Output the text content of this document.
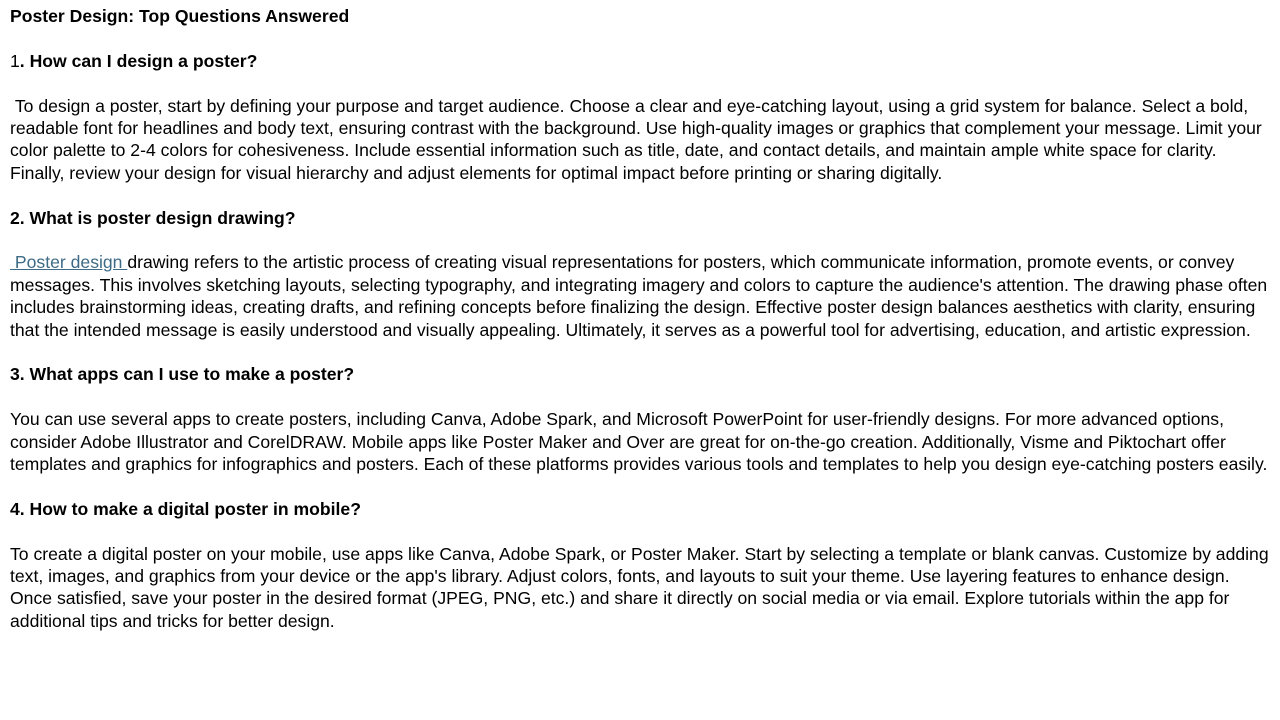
Poster Design: Top Questions Answered
1. How can I design a poster?
To design a poster, start by defining your purpose and target audience. Choose a clear and eye-catching layout, using a grid system for balance. Select a bold, readable font for headlines and body text, ensuring contrast with the background. Use high-quality images or graphics that complement your message. Limit your color palette to 2-4 colors for cohesiveness. Include essential information such as title, date, and contact details, and maintain ample white space for clarity. Finally, review your design for visual hierarchy and adjust elements for optimal impact before printing or sharing digitally.
2. What is poster design drawing?
Poster design drawing refers to the artistic process of creating visual representations for posters, which communicate information, promote events, or convey messages. This involves sketching layouts, selecting typography, and integrating imagery and colors to capture the audience's attention. The drawing phase often includes brainstorming ideas, creating drafts, and refining concepts before finalizing the design. Effective poster design balances aesthetics with clarity, ensuring that the intended message is easily understood and visually appealing. Ultimately, it serves as a powerful tool for advertising, education, and artistic expression.
3. What apps can I use to make a poster?
You can use several apps to create posters, including Canva, Adobe Spark, and Microsoft PowerPoint for user-friendly designs. For more advanced options, consider Adobe Illustrator and CorelDRAW. Mobile apps like Poster Maker and Over are great for on-the-go creation. Additionally, Visme and Piktochart offer templates and graphics for infographics and posters. Each of these platforms provides various tools and templates to help you design eye-catching posters easily.
4. How to make a digital poster in mobile?
To create a digital poster on your mobile, use apps like Canva, Adobe Spark, or Poster Maker. Start by selecting a template or blank canvas. Customize by adding text, images, and graphics from your device or the app's library. Adjust colors, fonts, and layouts to suit your theme. Use layering features to enhance design. Once satisfied, save your poster in the desired format (JPEG, PNG, etc.) and share it directly on social media or via email. Explore tutorials within the app for additional tips and tricks for better design.
